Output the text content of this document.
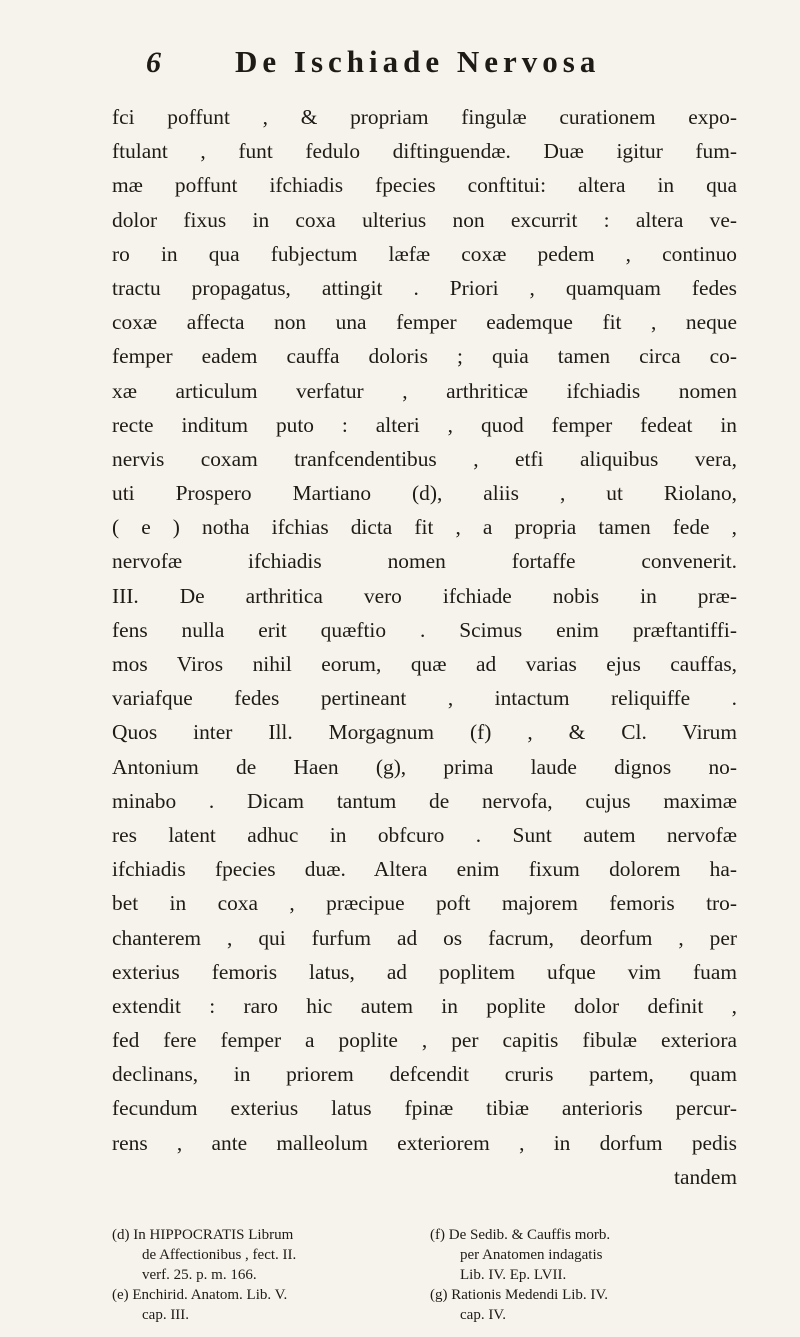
6 De Ischiade Nervosa
fci poffunt , & propriam fingulæ curationem expo-
ftulant , funt fedulo diftinguendæ. Duæ igitur fum-
mæ poffunt ifchiadis fpecies conftitui: altera in qua
dolor fixus in coxa ulterius non excurrit : altera ve-
ro in qua fubjectum læfæ coxæ pedem , continuo
tractu propagatus, attingit . Priori , quamquam fedes
coxæ affecta non una femper eademque fit , neque
femper eadem cauffa doloris ; quia tamen circa co-
xæ articulum verfatur , arthriticæ ifchiadis nomen
recte inditum puto : alteri , quod femper fedeat in
nervis coxam tranfcendentibus , etfi aliquibus vera,
uti Prospero Martiano (d), aliis , ut Riolano,
( e ) notha ifchias dicta fit , a propria tamen fede ,
nervofæ ifchiadis nomen fortaffe convenerit.
III. De arthritica vero ifchiade nobis in præ-
fens nulla erit quæftio . Scimus enim præftantiffi-
mos Viros nihil eorum, quæ ad varias ejus cauffas,
variafque fedes pertineant , intactum reliquiffe .
Quos inter Ill. Morgagnum (f) , & Cl. Virum
Antonium de Haen (g), prima laude dignos no-
minabo . Dicam tantum de nervofa, cujus maximæ
res latent adhuc in obfcuro . Sunt autem nervofæ
ifchiadis fpecies duæ. Altera enim fixum dolorem ha-
bet in coxa , præcipue poft majorem femoris tro-
chanterem , qui furfum ad os facrum, deorfum , per
exterius femoris latus, ad poplitem ufque vim fuam
extendit : raro hic autem in poplite dolor definit ,
fed fere femper a poplite , per capitis fibulæ exteriora
declinans, in priorem defcendit cruris partem, quam
fecundum exterius latus fpinæ tibiæ anterioris percur-
rens , ante malleolum exteriorem , in dorfum pedis
tandem
(d) In HIPPOCRATIS Librum
de Affectionibus , fect. II.
verf. 25. p. m. 166.
(e) Enchirid. Anatom. Lib. V.
cap. III.
(f) De Sedib. & Cauffis morb.
per Anatomen indagatis
Lib. IV. Ep. LVII.
(g) Rationis Medendi Lib. IV.
cap. IV.
